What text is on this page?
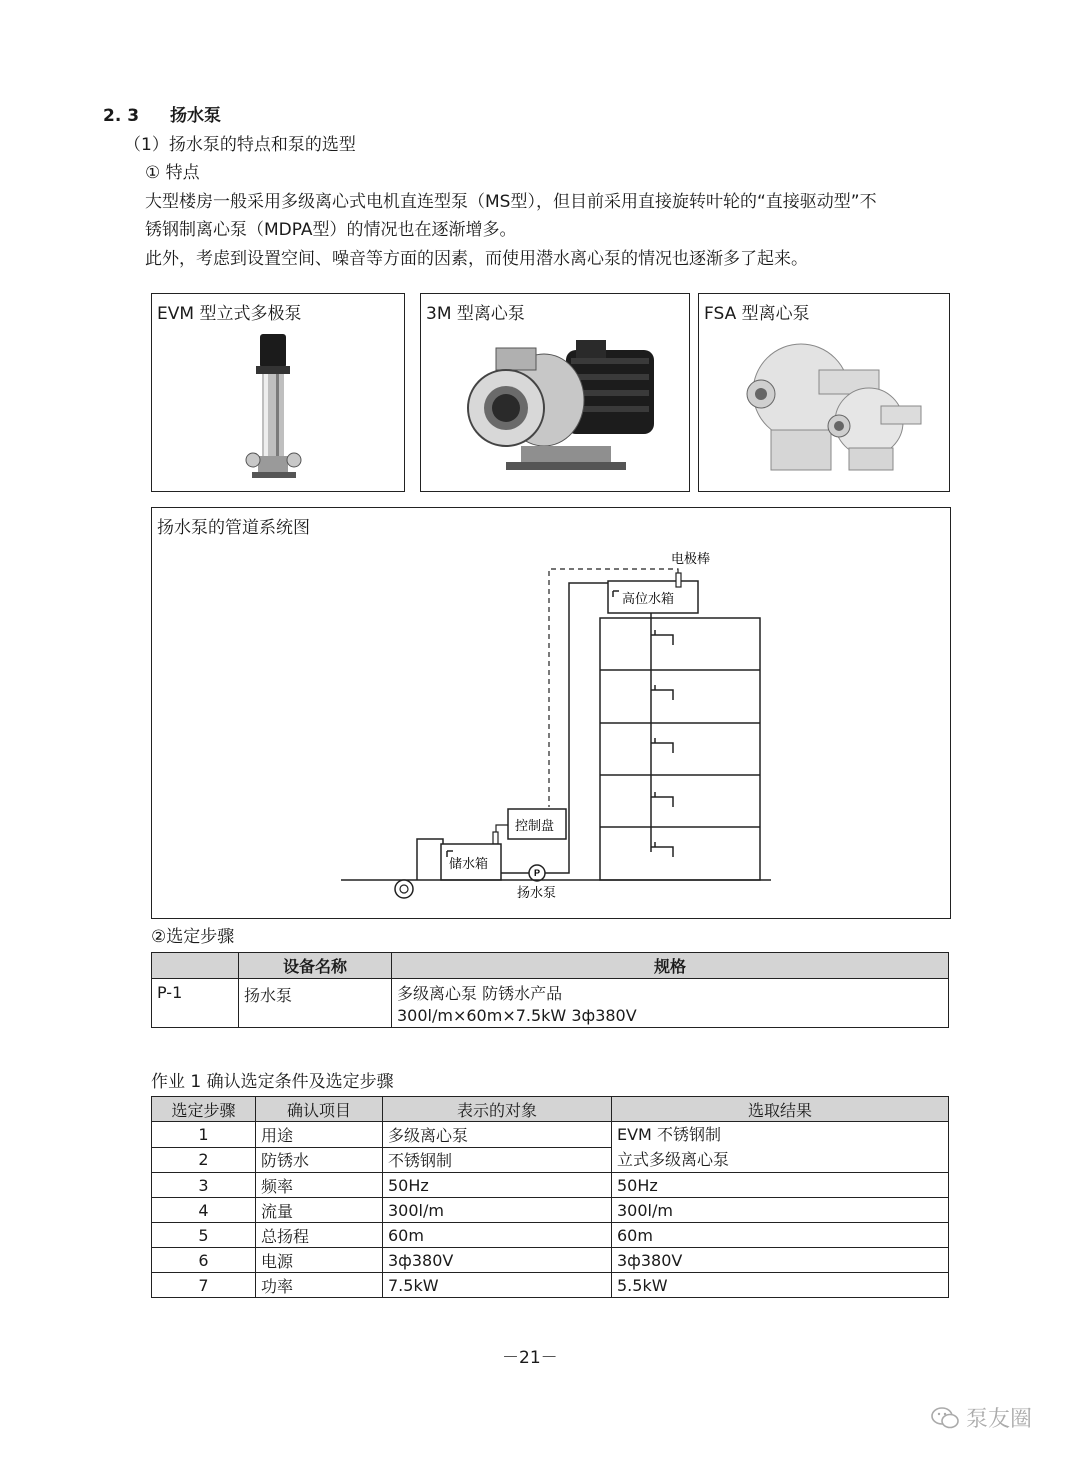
2. 3 扬水泵
（1）扬水泵的特点和泵的选型
① 特点
大型楼房一般采用多级离心式电机直连型泵（MS型），但目前采用直接旋转叶轮的“直接驱动型”不
锈钢制离心泵（MDPA型）的情况也在逐渐增多。
此外，考虑到设置空间、噪音等方面的因素，而使用潜水离心泵的情况也逐渐多了起来。
EVM 型立式多极泵	3M 型离心泵	FSA 型离心泵
扬水泵的管道系统图
P
电极棒
高位水箱
控制盘
储水箱
扬水泵
②选定步骤
	设备名称	规格
P-1	扬水泵	多级离心泵 防锈水产品
300l/m×60m×7.5kW 3ф380V
作业 1 确认选定条件及选定步骤
选定步骤	确认项目	表示的对象	选取结果
1	用途	多级离心泵	EVM 不锈钢制
立式多级离心泵

2	防锈水	不锈钢制	
3	频率	50Hz	50Hz
4	流量	300l/m	300l/m
5	总扬程	60m	60m
6	电源	3ф380V	3ф380V
7	功率	7.5kW	5.5kW
－21－
泵友圈
